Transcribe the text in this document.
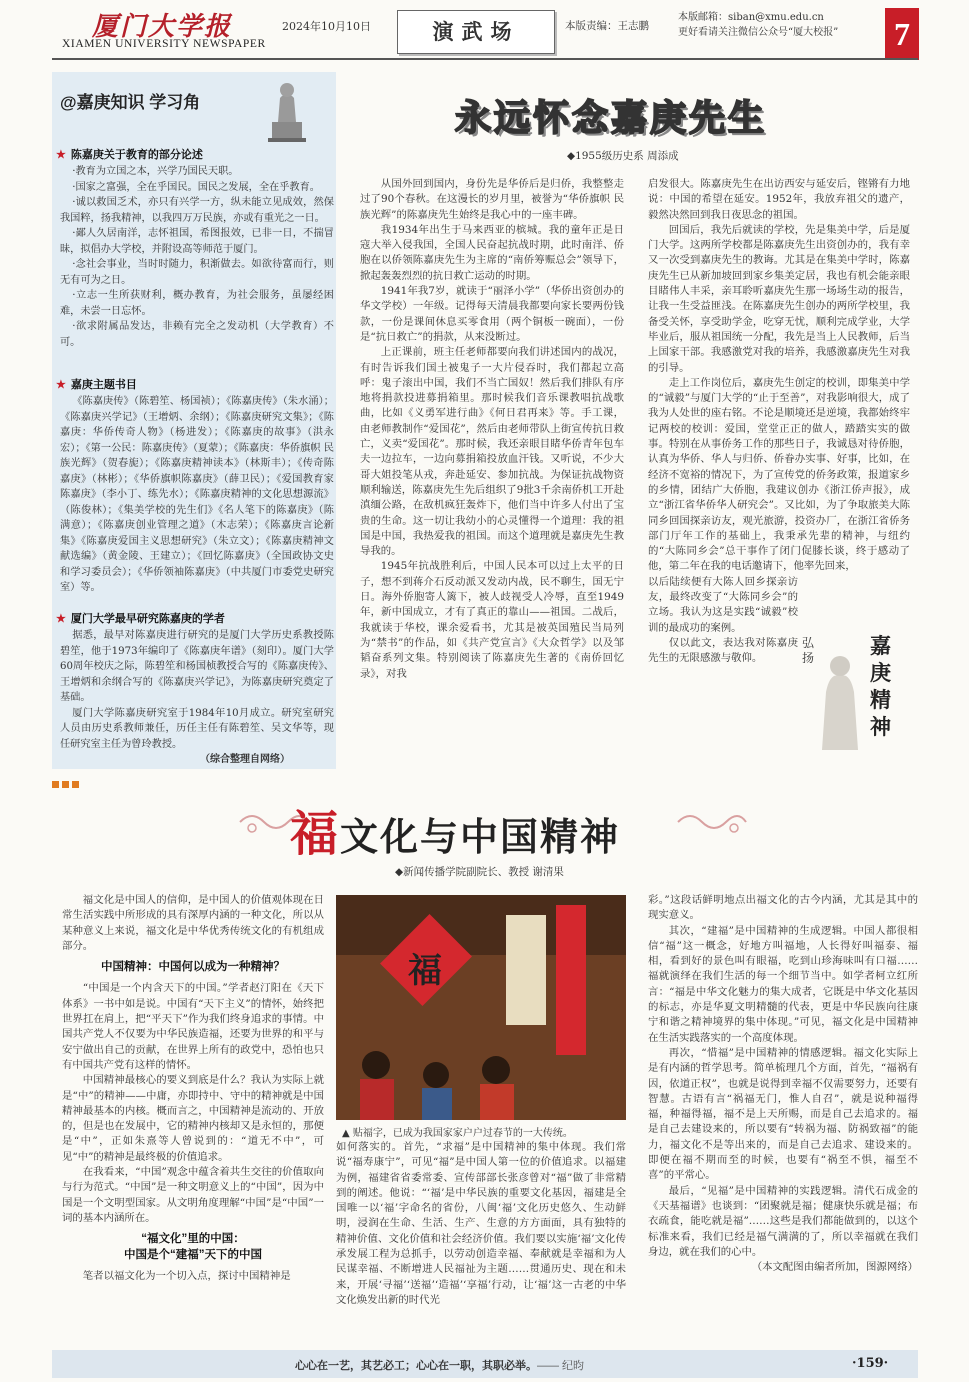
厦门大学报
XIAMEN UNIVERSITY NEWSPAPER
2024年10月10日	演武场	本版责编：王志鹏
本版邮箱：siban@xmu.edu.cn
更好看请关注微信公众号“厦大校报” 7
@嘉庚知识 学习角
★ 陈嘉庚关于教育的部分论述

·教育为立国之本，兴学乃国民天职。

·国家之富强，全在乎国民。国民之发展，全在乎教育。

·诚以救国乏术，亦只有兴学一方，纵未能立见成效，然保我国粹，扬我精神，以我四万万民族，亦或有重光之一日。

·鄙人久居南洋，志怀祖国，希图报效，已非一日，不揣冒昧，拟倡办大学校，并附设高等师范于厦门。

·念社会事业，当时时随力，积渐做去。如欲待富而行，则无有可为之日。

·立志一生所获财利，概办教育，为社会服务，虽屡经困难，未尝一日忘怀。

·欲求附属品发达，非赖有完全之发动机（大学教育）不可。

★ 嘉庚主题书目

《陈嘉庚传》（陈碧笙、杨国祯）；《陈嘉庚传》（朱水涌）；《陈嘉庚兴学记》（王增炳、余纲）；《陈嘉庚研究文集》；《陈嘉庚：华侨传奇人物》（杨进发）；《陈嘉庚的故事》（洪永宏）；《第一公民：陈嘉庚传》（夏蒙）；《陈嘉庚：华侨旗帜 民族光辉》（贺春旎）；《陈嘉庚精神读本》（林斯丰）；《传奇陈嘉庚》（林彬）；《华侨旗帜陈嘉庚》（薛卫民）；《爱国教育家陈嘉庚》（李小丁、练先水）；《陈嘉庚精神的文化思想源流》（陈俊林）；《集美学校的先生们》《名人笔下的陈嘉庚》（陈满意）；《陈嘉庚创业管理之道》（木志荣）；《陈嘉庚言论新集》《陈嘉庚爱国主义思想研究》（朱立文）；《陈嘉庚精神文献选编》（黄金陵、王建立）；《回忆陈嘉庚》（全国政协文史和学习委员会）；《华侨领袖陈嘉庚》（中共厦门市委党史研究室）等。

★ 厦门大学最早研究陈嘉庚的学者

据悉，最早对陈嘉庚进行研究的是厦门大学历史系教授陈碧笙，他于1973年编印了《陈嘉庚年谱》（刻印）。厦门大学60周年校庆之际，陈碧笙和杨国桢教授合写的《陈嘉庚传》、王增炳和余纲合写的《陈嘉庚兴学记》，为陈嘉庚研究奠定了基础。

厦门大学陈嘉庚研究室于1984年10月成立。研究室研究人员由历史系教师兼任，历任主任有陈碧笙、吴文华等，现任研究室主任为曾玲教授。

（综合整理自网络）
永远怀念嘉庚先生
◆1955级历史系 周添成

从国外回到国内，身份先是华侨后是归侨，我整整走过了90个春秋。在这漫长的岁月里，被誉为“华侨旗帜 民族光辉”的陈嘉庚先生始终是我心中的一座丰碑。

我1934年出生于马来西亚的槟城。我的童年正是日寇大举入侵我国，全国人民奋起抗战时期，此时南洋、侨胞在以侨领陈嘉庚先生为主席的“南侨筹赈总会”领导下，掀起轰轰烈烈的抗日救亡运动的时期。

1941年我7岁，就读于“丽泽小学”（华侨出资创办的华文学校）一年级。记得每天清晨我都要向家长要两份钱款，一份是课间休息买零食用（两个铜板一碗面），一份是“抗日救亡”的捐款，从来没断过。

上正课前，班主任老师都要向我们讲述国内的战况，有时告诉我们国土被鬼子一大片侵吞时，我们都起立高呼：鬼子滚出中国，我们不当亡国奴！然后我们排队有序地将捐款投进募捐箱里。那时候我们音乐课教唱抗战歌曲，比如《义勇军进行曲》《何日君再来》等。手工课，由老师教制作“爱国花”，然后由老师带队上街宣传抗日救亡，义卖“爱国花”。那时候，我还亲眼目睹华侨青年包车夫一边拉车，一边向募捐箱投放血汗钱。又听说，不少大哥大姐投笔从戎，奔赴延安、参加抗战。为保证抗战物资顺利输送，陈嘉庚先生先后组织了9批3千余南侨机工开赴滇缅公路，在敌机疯狂轰炸下，他们当中许多人付出了宝贵的生命。这一切让我幼小的心灵懂得一个道理：我的祖国是中国，我热爱我的祖国。而这个道理就是嘉庚先生教导我的。

1945年抗战胜利后，中国人民本可以过上太平的日子，想不到蒋介石反动派又发动内战，民不聊生，国无宁日。海外侨胞寄人篱下，被人歧视受人冷辱，直至1949年，新中国成立，才有了真正的靠山——祖国。二战后，我就读于华校，课余爱看书，尤其是被英国殖民当局列为“禁书”的作品，如《共产党宣言》《大众哲学》以及邹韬奋系列文集。特别阅读了陈嘉庚先生著的《南侨回忆录》，对我

启发很大。陈嘉庚先生在出访西安与延安后，铿锵有力地说：中国的希望在延安。1952年，我放弃祖父的遗产，毅然决然回到我日夜思念的祖国。

回国后，我先后就读的学校，先是集美中学，后是厦门大学。这两所学校都是陈嘉庚先生出资创办的，我有幸又一次受到嘉庚先生的教诲。尤其是在集美中学时，陈嘉庚先生已从新加坡回到家乡集美定居，我也有机会能亲眼目睹伟人丰采，亲耳聆听嘉庚先生那一场场生动的报告，让我一生受益匪浅。在陈嘉庚先生创办的两所学校里，我备受关怀，享受助学金，吃穿无忧，顺利完成学业，大学毕业后，服从祖国统一分配，我先是当上人民教师，后当上国家干部。我感激党对我的培养，我感激嘉庚先生对我的引导。

走上工作岗位后，嘉庚先生创定的校训，即集美中学的“诚毅”与厦门大学的“止于至善”，对我影响很大，成了我为人处世的座右铭。不论是顺境还是逆境，我都始终牢记两校的校训：爱国，堂堂正正的做人，踏踏实实的做事。特别在从事侨务工作的那些日子，我诚恳对待侨胞，认真为华侨、华人与归侨、侨眷办实事、好事，比如，在经济不宽裕的情况下，为了宣传党的侨务政策，报道家乡的乡情，团结广大侨胞，我建议创办《浙江侨声报》，成立“浙江省华侨华人研究会”。又比如，为了争取旅美大陈同乡回国探亲访友，观光旅游，投资办厂，在浙江省侨务部门厅年工作的基础上，我秉承先辈的精神，与纽约的“大陈同乡会”总干事作了闭门促膝长谈，终于感动了他，第二年在我的电话邀请下，他率先回来，

以后陆续便有大陈人回乡探亲访友，最终改变了“大陈同乡会”的立场。我认为这是实践“诚毅”校训的最成功的案例。

仅以此文，表达我对陈嘉庚先生的无限感激与敬仰。

弘扬	嘉庚精神
福文化与中国精神
◆新闻传播学院副院长、教授 谢清果

福文化是中国人的信仰，是中国人的价值观体现在日常生活实践中所形成的具有深厚内涵的一种文化，所以从某种意义上来说，福文化是中华优秀传统文化的有机组成部分。

中国精神：中国何以成为一种精神？

“中国是一个内含天下的中国。”学者赵汀阳在《天下体系》一书中如是说。中国有“天下主义”的情怀，始终把世界扛在肩上，把“平天下”作为我们终身追求的事情。中国共产党人不仅要为中华民族造福，还要为世界的和平与安宁做出自己的贡献，在世界上所有的政党中，恐怕也只有中国共产党有这样的情怀。

中国精神最核心的要义到底是什么？我认为实际上就是“中”的精神——中庸，亦即持中、守中的精神就是中国精神最基本的内核。概而言之，中国精神是流动的、开放的，但是也在发展中，它的精神内核却又是永恒的，那便是“中”，正如朱熹等人曾说到的：“道无不中”，可见“中”的精神是最终极的价值追求。

在我看来，“中国”观念中蕴含着共生交往的价值取向与行为范式。“中国”是一种文明意义上的“中国”，因为中国是一个文明型国家。从文明角度理解“中国”是“中国”一词的基本内涵所在。

“福文化”里的中国：
中国是个“建福”天下的中国

笔者以福文化为一个切入点，探讨中国精神是

福
▲ 贴福字，已成为我国家家户户过春节的一大传统。

如何落实的。首先，“求福”是中国精神的集中体现。我们常说“福寿康宁”，可见“福”是中国人第一位的价值追求。以福建为例，福建省省委常委、宣传部部长张彦曾对“福”做了非常精到的阐述。他说：“‘福’是中华民族的重要文化基因，福建是全国唯一以‘福’字命名的省份，八闽‘福’文化历史悠久、生动鲜明，浸润在生命、生活、生产、生意的方方面面，具有独特的精神价值、文化价值和社会经济价值。我们要以实施‘福’文化传承发展工程为总抓手，以劳动创造幸福、奉献就是幸福和为人民谋幸福、不断增进人民福祉为主题……贯通历史、现在和未来，开展‘寻福’‘送福’‘造福’‘享福’行动，让‘福’这一古老的中华文化焕发出新的时代光

彩。”这段话鲜明地点出福文化的古今内涵，尤其是其中的现实意义。

其次，“建福”是中国精神的生成逻辑。中国人都很相信“福”这一概念，好地方叫福地，人长得好叫福泰、福相，看到好的景色叫有眼福，吃到山珍海味叫有口福……福就演绎在我们生活的每一个细节当中。如学者柯立红所言：“福是中华文化魅力的集大成者，它既是中华文化基因的标志，亦是华夏文明精髓的代表，更是中华民族向往康宁和谐之精神境界的集中体现。”可见，福文化是中国精神在生活实践落实的一个高度体现。

再次，“惜福”是中国精神的情感逻辑。福文化实际上是有内涵的哲学思考。简单梳理几个方面，首先，“福祸有因，依道正权”，也就是说得到幸福不仅需要努力，还要有智慧。古语有言“祸福无门，惟人自召”，就是说种福得福，种福得福，福不是上天所赐，而是自己去追求的。福是自己去建设来的，所以要有“转祸为福、防祸致福”的能力，福文化不是等出来的，而是自己去追求、建设来的。即便在福不期而至的时候，也要有“祸至不惧，福至不喜”的平常心。

最后，“见福”是中国精神的实践逻辑。清代石成金的《天基福谱》也谈到：“团聚就是福；健康快乐就是福；布衣疏食，能吃就是福”……这些是我们都能做到的，以这个标准来看，我们已经是福气满满的了，所以幸福就在我们身边，就在我们的心中。

（本文配图由编者所加，图源网络）

心心在一艺，其艺必工；心心在一职，其职必举。—— 纪昀	·159·
